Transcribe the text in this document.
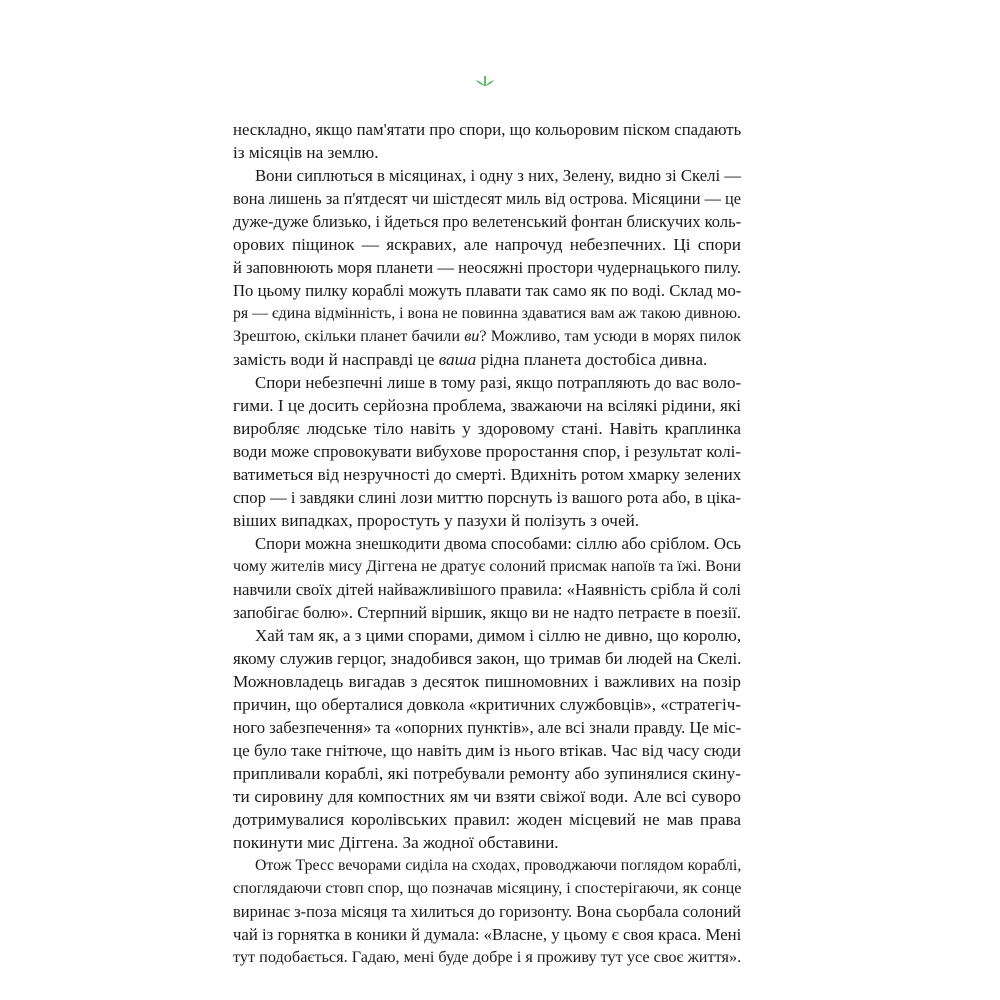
нескладно, якщо пам'ятати про спори, що кольоровим піском спадають
із місяців на землю.
Вони сиплються в місяцинах, і одну з них, Зелену, видно зі Скелі —
вона лишень за п'ятдесят чи шістдесят миль від острова. Місяцини — це
дуже-дуже близько, і йдеться про велетенський фонтан блискучих коль-
орових піщинок — яскравих, але напрочуд небезпечних. Ці спори
й заповнюють моря планети — неосяжні простори чудернацького пилу.
По цьому пилку кораблі можуть плавати так само як по воді. Склад мо-
ря — єдина відмінність, і вона не повинна здаватися вам аж такою дивною.
Зрештою, скільки планет бачили ви? Можливо, там усюди в морях пилок
замість води й насправді це ваша рідна планета достобіса дивна.
Спори небезпечні лише в тому разі, якщо потрапляють до вас воло-
гими. І це досить серйозна проблема, зважаючи на всілякі рідини, які
виробляє людське тіло навіть у здоровому стані. Навіть краплинка
води може спровокувати вибухове проростання спор, і результат колі-
ватиметься від незручності до смерті. Вдихніть ротом хмарку зелених
спор — і завдяки слині лози миттю порснуть із вашого рота або, в ціка-
віших випадках, проростуть у пазухи й полізуть з очей.
Спори можна знешкодити двома способами: сіллю або сріблом. Ось
чому жителів мису Діггена не дратує солоний присмак напоїв та їжі. Вони
навчили своїх дітей найважливішого правила: «Наявність срібла й солі
запобігає болю». Стерпний віршик, якщо ви не надто петраєте в поезії.
Хай там як, а з цими спорами, димом і сіллю не дивно, що королю,
якому служив герцог, знадобився закон, що тримав би людей на Скелі.
Можновладець вигадав з десяток пишномовних і важливих на позір
причин, що оберталися довкола «критичних службовців», «стратегіч-
ного забезпечення» та «опорних пунктів», але всі знали правду. Це міс-
це було таке гнітюче, що навіть дим із нього втікав. Час від часу сюди
припливали кораблі, які потребували ремонту або зупинялися скину-
ти сировину для компостних ям чи взяти свіжої води. Але всі суворо
дотримувалися королівських правил: жоден місцевий не мав права
покинути мис Діггена. За жодної обставини.
Отож Тресс вечорами сиділа на сходах, проводжаючи поглядом кораблі,
споглядаючи стовп спор, що позначав місяцину, і спостерігаючи, як сонце
виринає з-поза місяця та хилиться до горизонту. Вона сьорбала солоний
чай із горнятка в коники й думала: «Власне, у цьому є своя краса. Мені
тут подобається. Гадаю, мені буде добре і я проживу тут усе своє життя».
